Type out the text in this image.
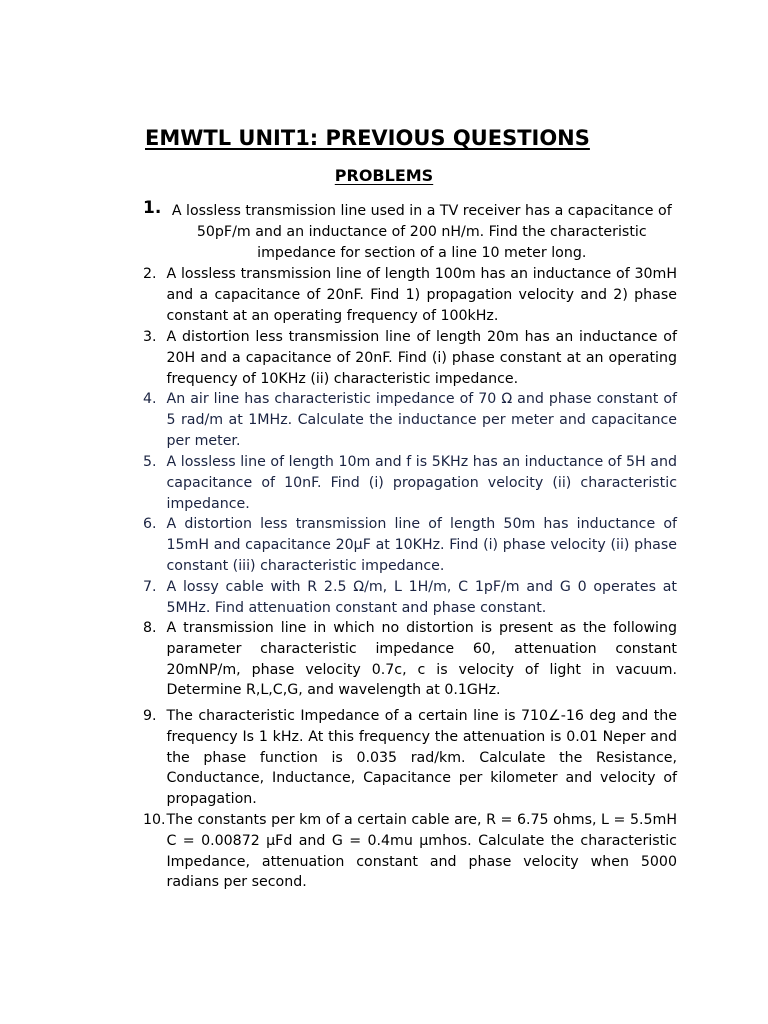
EMWTL UNIT1: PREVIOUS QUESTIONS
PROBLEMS
1. A lossless transmission line used in a TV receiver has a capacitance of 50pF/m and an inductance of 200 nH/m. Find the characteristic impedance for section of a line 10 meter long.
2. A lossless transmission line of length 100m has an inductance of 30mH and a capacitance of 20nF. Find 1) propagation velocity and 2) phase constant at an operating frequency of 100kHz.
3. A distortion less transmission line of length 20m has an inductance of 20H and a capacitance of 20nF. Find (i) phase constant at an operating frequency of 10KHz (ii) characteristic impedance.
4. An air line has characteristic impedance of 70 Ω and phase constant of 5 rad/m at 1MHz. Calculate the inductance per meter and capacitance per meter.
5. A lossless line of length 10m and f is 5KHz has an inductance of 5H and capacitance of 10nF. Find (i) propagation velocity (ii) characteristic impedance.
6. A distortion less transmission line of length 50m has inductance of 15mH and capacitance 20μF at 10KHz. Find (i) phase velocity (ii) phase constant (iii) characteristic impedance.
7. A lossy cable with R 2.5 Ω/m, L 1H/m, C 1pF/m and G 0 operates at 5MHz. Find attenuation constant and phase constant.
8. A transmission line in which no distortion is present as the following parameter characteristic impedance 60, attenuation constant 20mNP/m, phase velocity 0.7c, c is velocity of light in vacuum. Determine R,L,C,G, and wavelength at 0.1GHz.
9. The characteristic Impedance of a certain line is 710∠-16 deg and the frequency Is 1 kHz. At this frequency the attenuation is 0.01 Neper and the phase function is 0.035 rad/km. Calculate the Resistance, Conductance, Inductance, Capacitance per kilometer and velocity of propagation.
10. The constants per km of a certain cable are, R = 6.75 ohms, L = 5.5mH C = 0.00872 μFd and G = 0.4mu μmhos. Calculate the characteristic Impedance, attenuation constant and phase velocity when 5000 radians per second.
